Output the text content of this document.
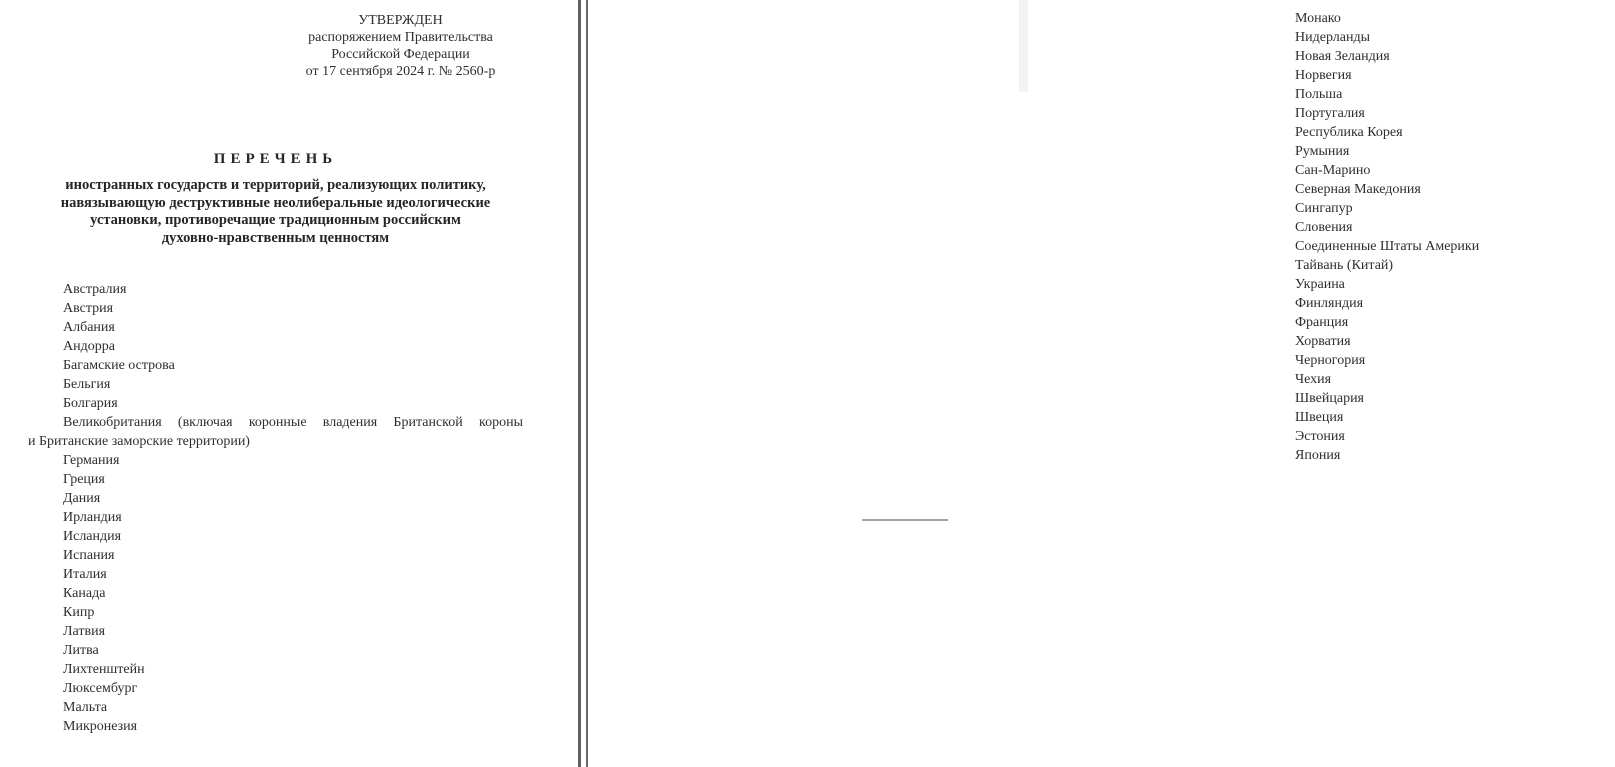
УТВЕРЖДЕН
распоряжением Правительства
Российской Федерации
от 17 сентября 2024 г. № 2560-р
ПЕРЕЧЕНЬ
иностранных государств и территорий, реализующих политику,
навязывающую деструктивные неолиберальные идеологические
установки, противоречащие традиционным российским
духовно-нравственным ценностям
Австралия
Австрия
Албания
Андорра
Багамские острова
Бельгия
Болгария
Великобритания (включая коронные владения Британской короны
и Британские заморские территории)
Германия
Греция
Дания
Ирландия
Исландия
Испания
Италия
Канада
Кипр
Латвия
Литва
Лихтенштейн
Люксембург
Мальта
Микронезия
Монако
Нидерланды
Новая Зеландия
Норвегия
Польша
Португалия
Республика Корея
Румыния
Сан-Марино
Северная Македония
Сингапур
Словения
Соединенные Штаты Америки
Тайвань (Китай)
Украина
Финляндия
Франция
Хорватия
Черногория
Чехия
Швейцария
Швеция
Эстония
Япония
